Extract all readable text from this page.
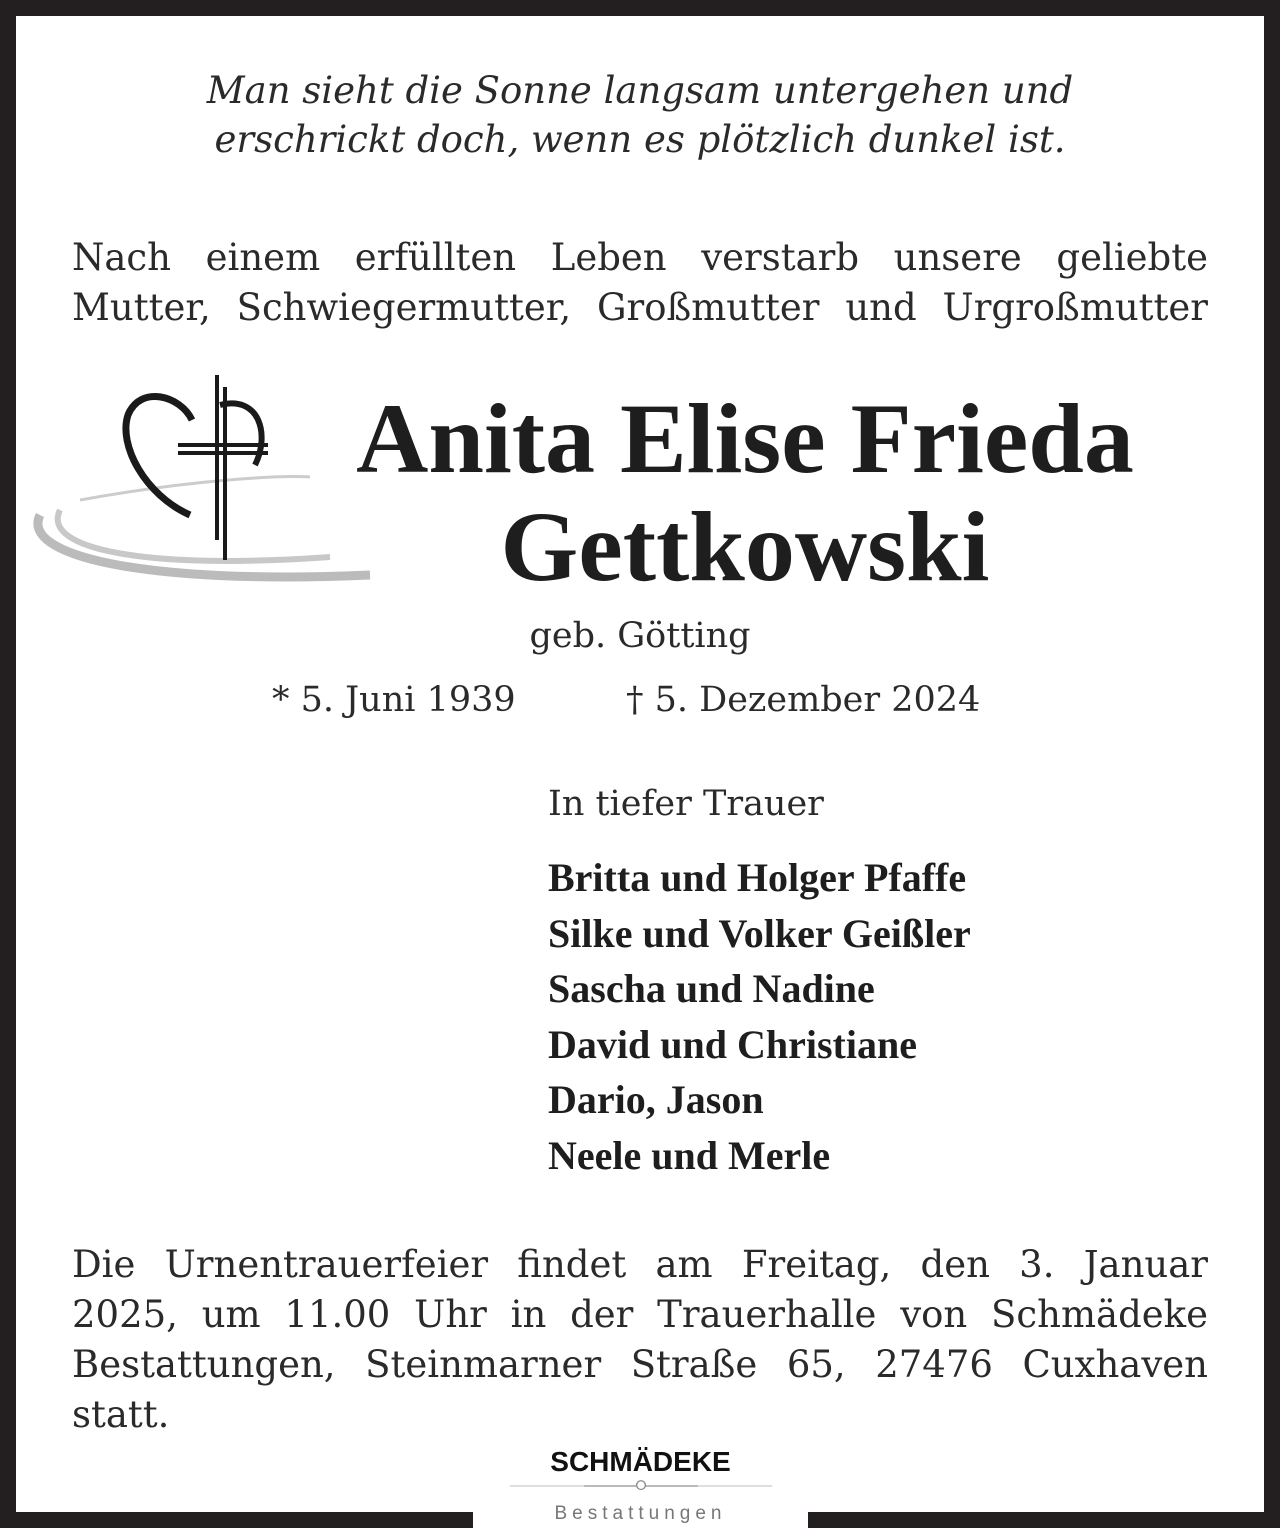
Man sieht die Sonne langsam untergehen und
erschrickt doch, wenn es plötzlich dunkel ist.
Nach einem erfüllten Leben verstarb unsere geliebte
Mutter, Schwiegermutter, Großmutter und Urgroßmutter
Anita Elise Frieda
Gettkowski
geb. Götting
* 5. Juni 1939	† 5. Dezember 2024
In tiefer Trauer
Britta und Holger Pfaffe
Silke und Volker Geißler
Sascha und Nadine
David und Christiane
Dario, Jason
Neele und Merle
Die Urnentrauerfeier findet am Freitag, den 3. Januar
2025, um 11.00 Uhr in der Trauerhalle von Schmädeke
Bestattungen, Steinmarner Straße 65, 27476 Cuxhaven
statt.
SCHMÄDEKE
Bestattungen
